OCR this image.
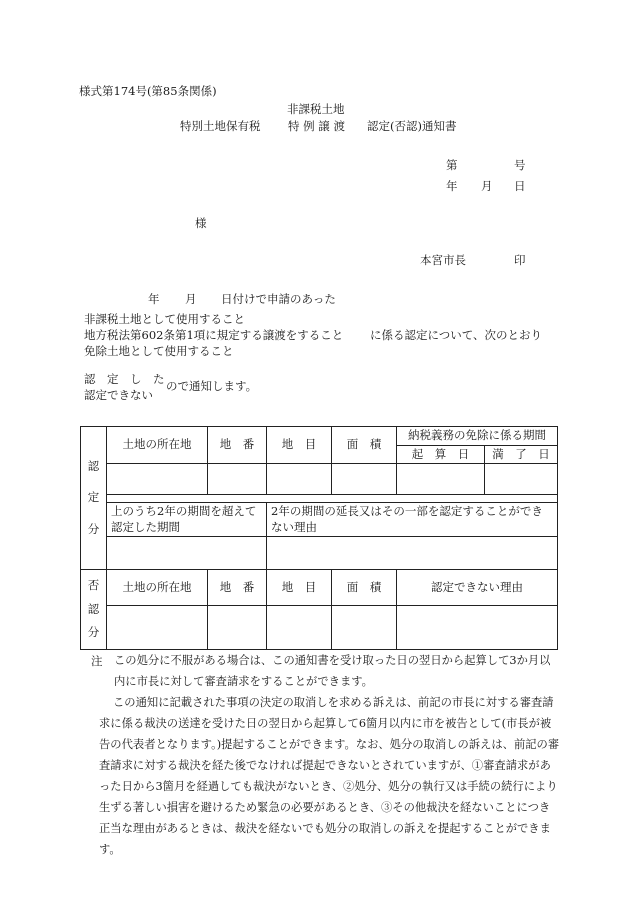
様式第174号(第85条関係)
非課税土地
特別土地保有税 特 例 譲 渡 認定(否認)通知書
第	号
年 月 日
様
本宮市長	印
年 月 日付けで申請のあった
非課税土地として使用すること
地方税法第602条第1項に規定する譲渡をすること に係る認定について、次のとおり
免除土地として使用すること
認　定　し　た
認定できない
ので通知します。
認
定
分	土地の所在地	地　番	地　目	面　積	納税義務の免除に係る期間	
					起　算　日	満　了　日

	上のうち2年の期間を超えて認定した期間		2年の期間の延長又はその一部を認定することができない理由			

否
認
分	土地の所在地	地　番	地　目	面　積	認定できない理由	

注	この処分に不服がある場合は、この通知書を受け取った日の翌日から起算して3か月以内に市長に対して審査請求をすることができます。

この通知に記載された事項の決定の取消しを求める訴えは、前記の市長に対する審査請求に係る裁決の送達を受けた日の翌日から起算して6箇月以内に市を被告として(市長が被告の代表者となります。)提起することができます。なお、処分の取消しの訴えは、前記の審査請求に対する裁決を経た後でなければ提起できないとされていますが、①審査請求があった日から3箇月を経過しても裁決がないとき、②処分、処分の執行又は手続の続行により生ずる著しい損害を避けるため緊急の必要があるとき、③その他裁決を経ないことにつき正当な理由があるときは、裁決を経ないでも処分の取消しの訴えを提起することができます。
